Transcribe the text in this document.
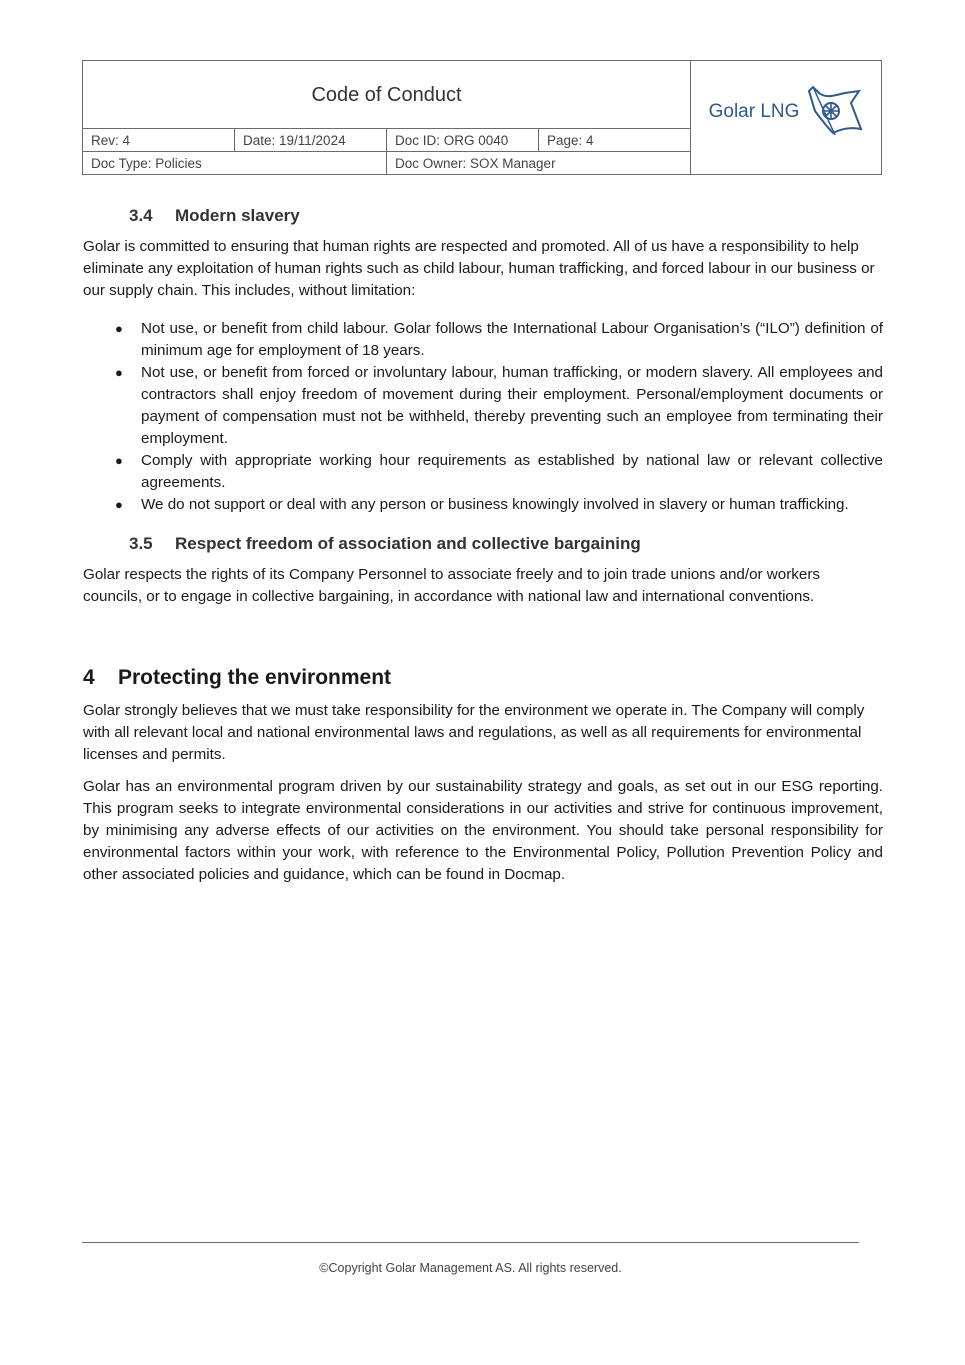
Code of Conduct
Rev: 4	Date: 19/11/2024	Doc ID: ORG 0040	Page: 4
Doc Type: Policies	Doc Owner: SOX Manager
Golar LNG
3.4	Modern slavery

Golar is committed to ensuring that human rights are respected and promoted. All of us have a responsibility to help eliminate any exploitation of human rights such as child labour, human trafficking, and forced labour in our business or our supply chain. This includes, without limitation:

● Not use, or benefit from child labour. Golar follows the International Labour Organisation’s (“ILO”) definition of minimum age for employment of 18 years.
● Not use, or benefit from forced or involuntary labour, human trafficking, or modern slavery. All employees and contractors shall enjoy freedom of movement during their employment. Personal/employment documents or payment of compensation must not be withheld, thereby preventing such an employee from terminating their employment.
● Comply with appropriate working hour requirements as established by national law or relevant collective agreements.
● We do not support or deal with any person or business knowingly involved in slavery or human trafficking.
3.5	Respect freedom of association and collective bargaining

Golar respects the rights of its Company Personnel to associate freely and to join trade unions and/or workers councils, or to engage in collective bargaining, in accordance with national law and international conventions.

4	Protecting the environment

Golar strongly believes that we must take responsibility for the environment we operate in. The Company will comply with all relevant local and national environmental laws and regulations, as well as all requirements for environmental licenses and permits.

Golar has an environmental program driven by our sustainability strategy and goals, as set out in our ESG reporting. This program seeks to integrate environmental considerations in our activities and strive for continuous improvement, by minimising any adverse effects of our activities on the environment. You should take personal responsibility for environmental factors within your work, with reference to the Environmental Policy, Pollution Prevention Policy and other associated policies and guidance, which can be found in Docmap.

©Copyright Golar Management AS. All rights reserved.
